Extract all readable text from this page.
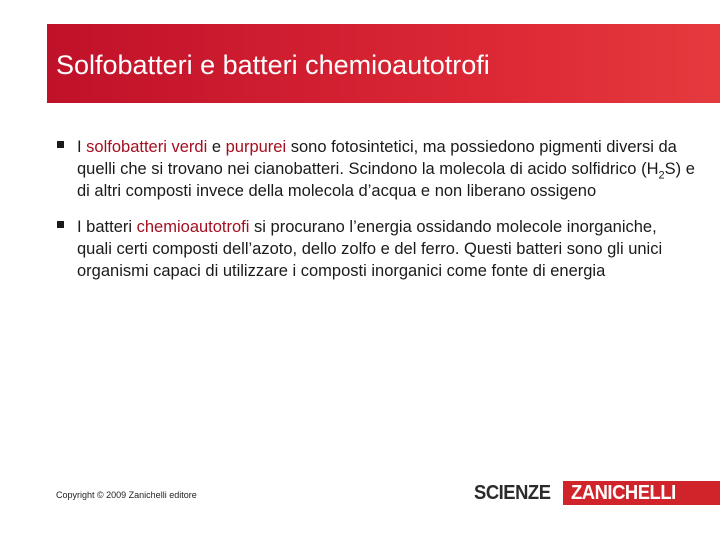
Solfobatteri e batteri chemioautotrofi
I solfobatteri verdi e purpurei sono fotosintetici, ma possiedono pigmenti diversi da quelli che si trovano nei cianobatteri. Scindono la molecola di acido solfidrico $(H_2S)$ e di altri composti invece della molecola d’acqua e non liberano ossigeno
I batteri chemioautotrofi si procurano l’energia ossidando molecole inorganiche, quali certi composti dell’azoto, dello zolfo e del ferro. Questi batteri sono gli unici organismi capaci di utilizzare i composti inorganici come fonte di energia
Copyright © 2009 Zanichelli editore	SCIENZE ZANICHELLI
